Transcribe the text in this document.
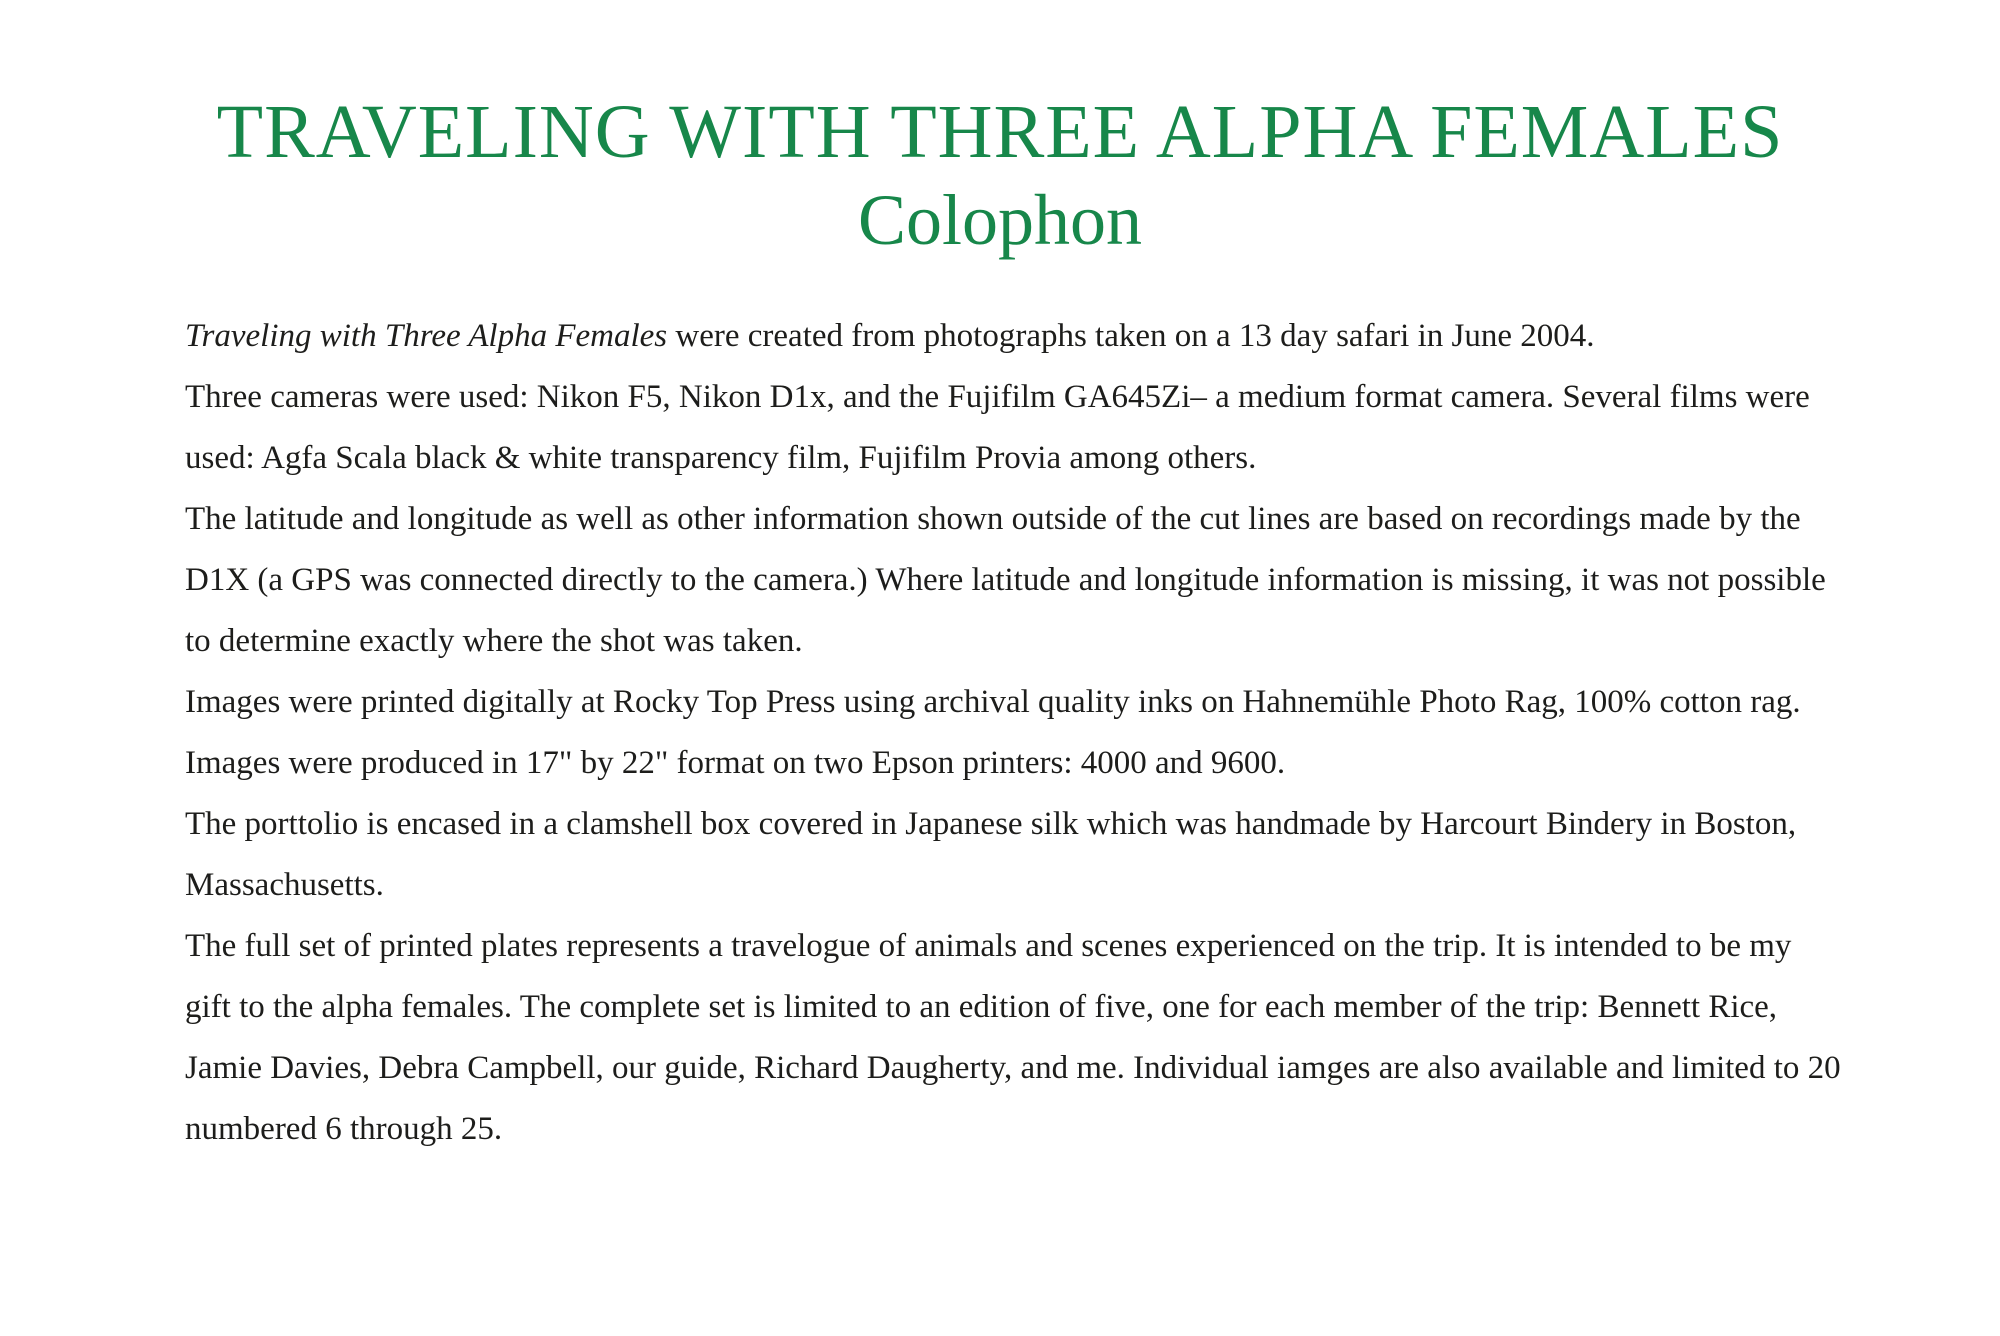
TRAVELING WITH THREE ALPHA FEMALES
Colophon

Traveling with Three Alpha Females were created from photographs taken on a 13 day safari in June 2004.

Three cameras were used: Nikon F5, Nikon D1x, and the Fujifilm GA645Zi– a medium format camera. Several films were used: Agfa Scala black & white transparency film, Fujifilm Provia among others.

The latitude and longitude as well as other information shown outside of the cut lines are based on recordings made by the D1X (a GPS was connected directly to the camera.) Where latitude and longitude information is missing, it was not possible to determine exactly where the shot was taken.

Images were printed digitally at Rocky Top Press using archival quality inks on Hahnemühle Photo Rag, 100% cotton rag.

Images were produced in 17" by 22" format on two Epson printers: 4000 and 9600.

The porttolio is encased in a clamshell box covered in Japanese silk which was handmade by Harcourt Bindery in Boston, Massachusetts.

The full set of printed plates represents a travelogue of animals and scenes experienced on the trip. It is intended to be my gift to the alpha females. The complete set is limited to an edition of five, one for each member of the trip: Bennett Rice, Jamie Davies, Debra Campbell, our guide, Richard Daugherty, and me. Individual iamges are also available and limited to 20 numbered 6 through 25.
